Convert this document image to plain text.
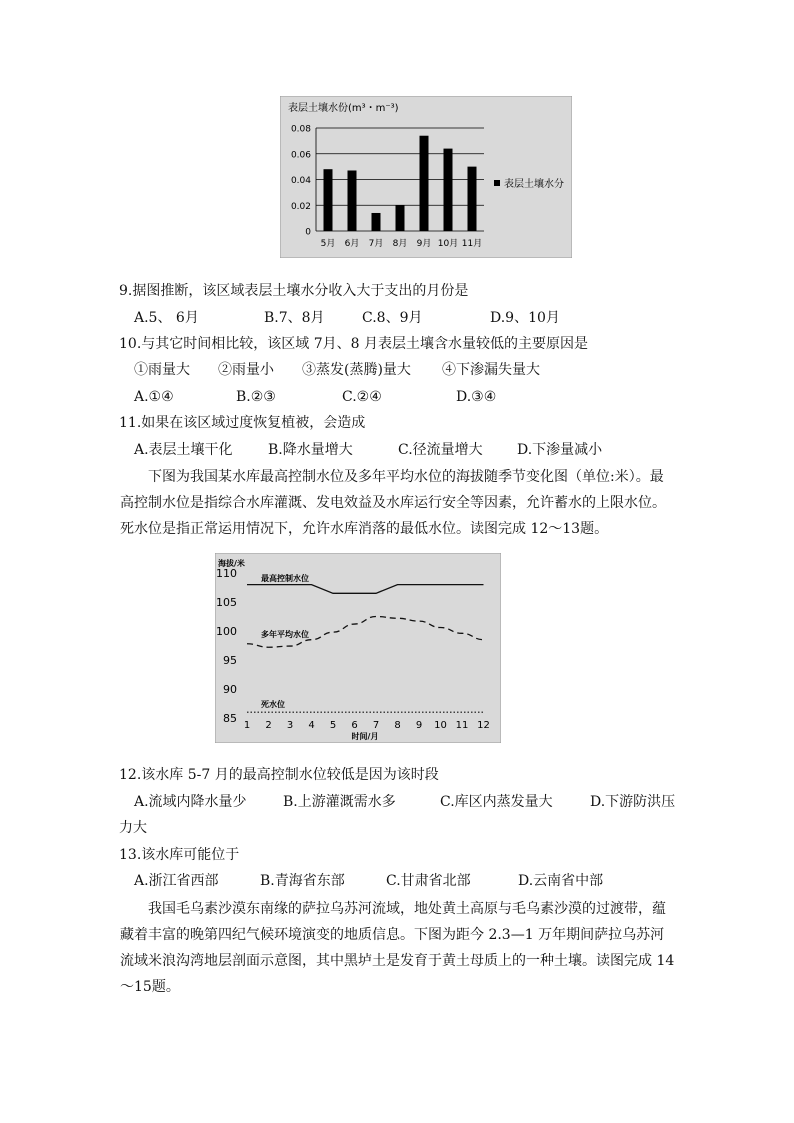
表层土壤水份(m³・m⁻³)
0
0.02
0.04
0.06
0.08
5月 6月 7月 8月 9月 10月 11月
表层土壤水分
9.据图推断，该区域表层土壤水分收入大于支出的月份是
A.5、 6月	B.7、8月	C.8、9月	D.9、10月
10.与其它时间相比较，该区域 7月、8 月表层土壤含水量较低的主要原因是
①雨量大 ②雨量小 ③蒸发(蒸腾)量大 ④下渗漏失量大
A.①④	B.②③	C.②④	D.③④
11.如果在该区域过度恢复植被，会造成
A.表层土壤干化	B.降水量增大	C.径流量增大 D.下渗量减小
下图为我国某水库最高控制水位及多年平均水位的海拔随季节变化图（单位:米）。最高控制水位是指综合水库灌溉、发电效益及水库运行安全等因素，允许蓄水的上限水位。死水位是指正常运用情况下，允许水库消落的最低水位。读图完成 12～13题。
海拔/米
85
90
95
100
105
110
1 2 3 4 5 6 7 8 9 10 11 12
时间/月
最高控制水位
多年平均水位
死水位
12.该水库 5-7 月的最高控制水位较低是因为该时段
A.流域内降水量少	B.上游灌溉需水多	C.库区内蒸发量大	D.下游防洪压
力大
13.该水库可能位于
A.浙江省西部	B.青海省东部	C.甘肃省北部	D.云南省中部
我国毛乌素沙漠东南缘的萨拉乌苏河流域，地处黄土高原与毛乌素沙漠的过渡带，蕴藏着丰富的晚第四纪气候环境演变的地质信息。下图为距今 2.3—1 万年期间萨拉乌苏河流域米浪沟湾地层剖面示意图，其中黑垆土是发育于黄土母质上的一种土壤。读图完成 14～15题。
